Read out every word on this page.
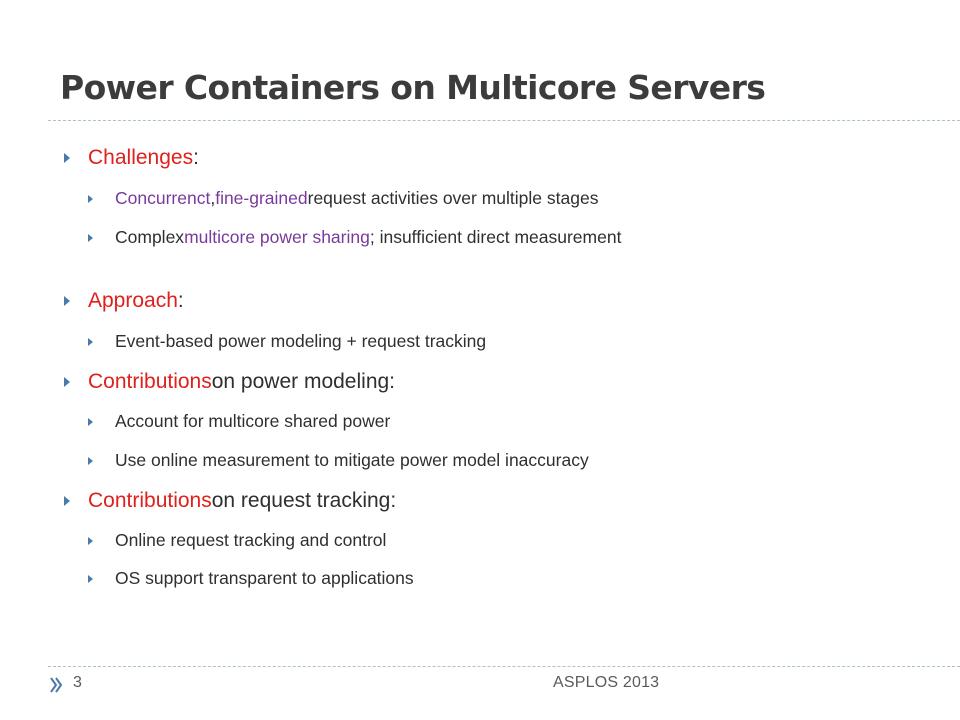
Power Containers on Multicore Servers
Challenges :
Concurrenct , fine-grained request activities over multiple stages
Complex multicore power sharing ; insufficient direct measurement
Approach :
Event-based power modeling + request tracking
Contributions on power modeling:
Account for multicore shared power
Use online measurement to mitigate power model inaccuracy
Contributions on request tracking:
Online request tracking and control
OS support transparent to applications
3	ASPLOS 2013
